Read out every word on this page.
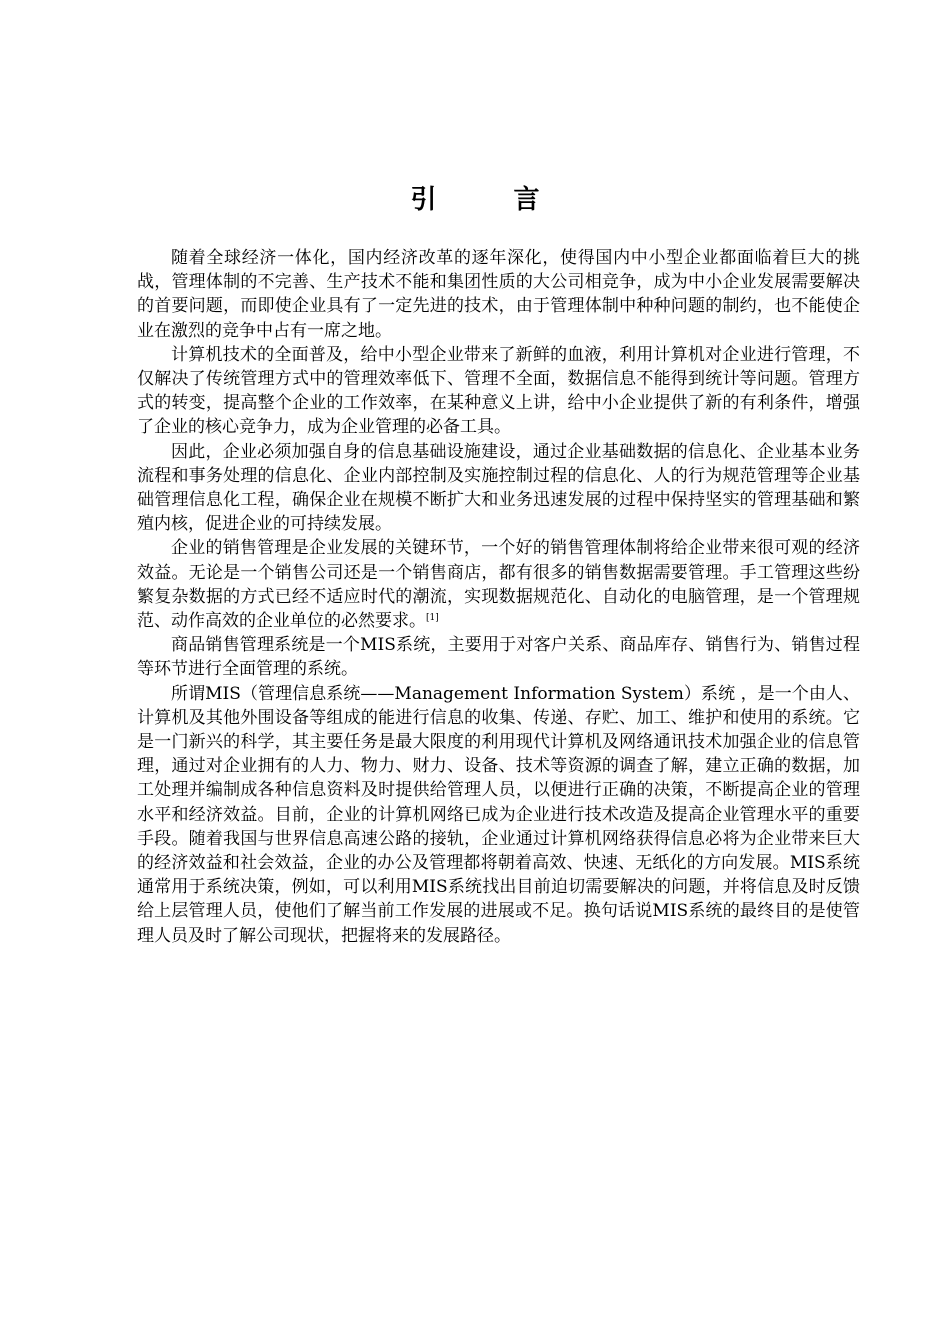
引 言

随着全球经济一体化，国内经济改革的逐年深化，使得国内中小型企业都面临着巨大的挑战，管理体制的不完善、生产技术不能和集团性质的大公司相竞争，成为中小企业发展需要解决的首要问题，而即使企业具有了一定先进的技术，由于管理体制中种种问题的制约，也不能使企业在激烈的竞争中占有一席之地。

计算机技术的全面普及，给中小型企业带来了新鲜的血液，利用计算机对企业进行管理，不仅解决了传统管理方式中的管理效率低下、管理不全面，数据信息不能得到统计等问题。管理方式的转变，提高整个企业的工作效率，在某种意义上讲，给中小企业提供了新的有利条件，增强了企业的核心竞争力，成为企业管理的必备工具。

因此，企业必须加强自身的信息基础设施建设，通过企业基础数据的信息化、企业基本业务流程和事务处理的信息化、企业内部控制及实施控制过程的信息化、人的行为规范管理等企业基础管理信息化工程，确保企业在规模不断扩大和业务迅速发展的过程中保持坚实的管理基础和繁殖内核，促进企业的可持续发展。

企业的销售管理是企业发展的关键环节，一个好的销售管理体制将给企业带来很可观的经济效益。无论是一个销售公司还是一个销售商店，都有很多的销售数据需要管理。手工管理这些纷繁复杂数据的方式已经不适应时代的潮流，实现数据规范化、自动化的电脑管理，是一个管理规范、动作高效的企业单位的必然要求。[1]

商品销售管理系统是一个MIS系统，主要用于对客户关系、商品库存、销售行为、销售过程等环节进行全面管理的系统。

所谓MIS（管理信息系统——Management Information System）系统 ，是一个由人、计算机及其他外围设备等组成的能进行信息的收集、传递、存贮、加工、维护和使用的系统。它是一门新兴的科学，其主要任务是最大限度的利用现代计算机及网络通讯技术加强企业的信息管理，通过对企业拥有的人力、物力、财力、设备、技术等资源的调查了解，建立正确的数据，加工处理并编制成各种信息资料及时提供给管理人员，以便进行正确的决策，不断提高企业的管理水平和经济效益。目前，企业的计算机网络已成为企业进行技术改造及提高企业管理水平的重要手段。随着我国与世界信息高速公路的接轨，企业通过计算机网络获得信息必将为企业带来巨大的经济效益和社会效益，企业的办公及管理都将朝着高效、快速、无纸化的方向发展。MIS系统通常用于系统决策，例如，可以利用MIS系统找出目前迫切需要解决的问题，并将信息及时反馈给上层管理人员，使他们了解当前工作发展的进展或不足。换句话说MIS系统的最终目的是使管理人员及时了解公司现状，把握将来的发展路径。
